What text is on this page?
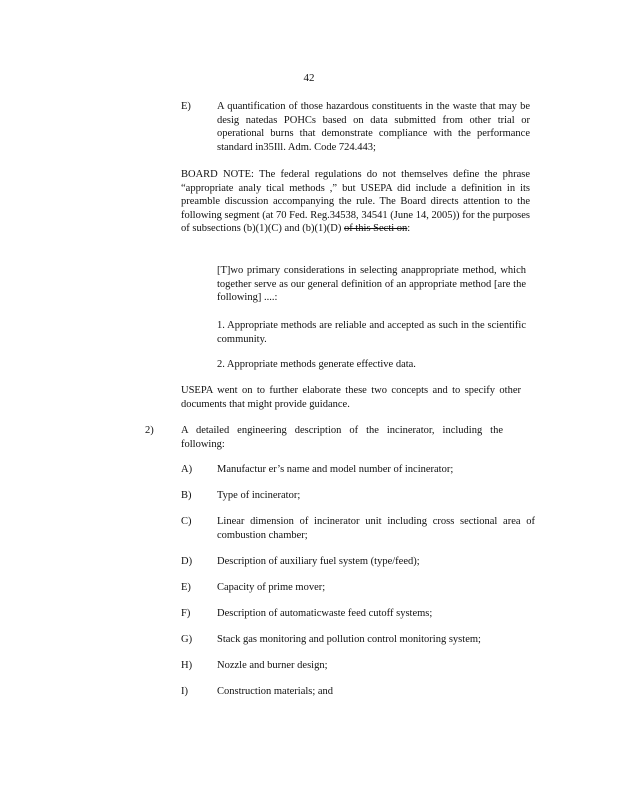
42
E) A quantification of those hazardous constituents in the waste that may be desig natedas POHCs based on data submitted from other trial or operational burns that demonstrate compliance with the performance standard in35Ill. Adm. Code 724.443;
BOARD NOTE: The federal regulations do not themselves define the phrase “appropriate analy tical methods ,” but USEPA did include a definition in its preamble discussion accompanying the rule. The Board directs attention to the following segment (at 70 Fed. Reg.34538, 34541 (June 14, 2005)) for the purposes of subsections (b)(1)(C) and (b)(1)(D) of this Secti on:
[T]wo primary considerations in selecting anappropriate method, which together serve as our general definition of an appropriate method [are the following] ....:
1. Appropriate methods are reliable and accepted as such in the scientific community.
2. Appropriate methods generate effective data.
USEPA went on to further elaborate these two concepts and to specify other documents that might provide guidance.
2)	A detailed engineering description of the incinerator, including the following:
A) Manufactur er’s name and model number of incinerator;
B) Type of incinerator;
C) Linear dimension of incinerator unit including cross sectional area of combustion chamber;
D) Description of auxiliary fuel system (type/feed);
E) Capacity of prime mover;
F)	Description of automaticwaste feed cutoff systems;
G) Stack gas monitoring and pollution control monitoring system;
H) Nozzle and burner design;
I)	Construction materials; and
